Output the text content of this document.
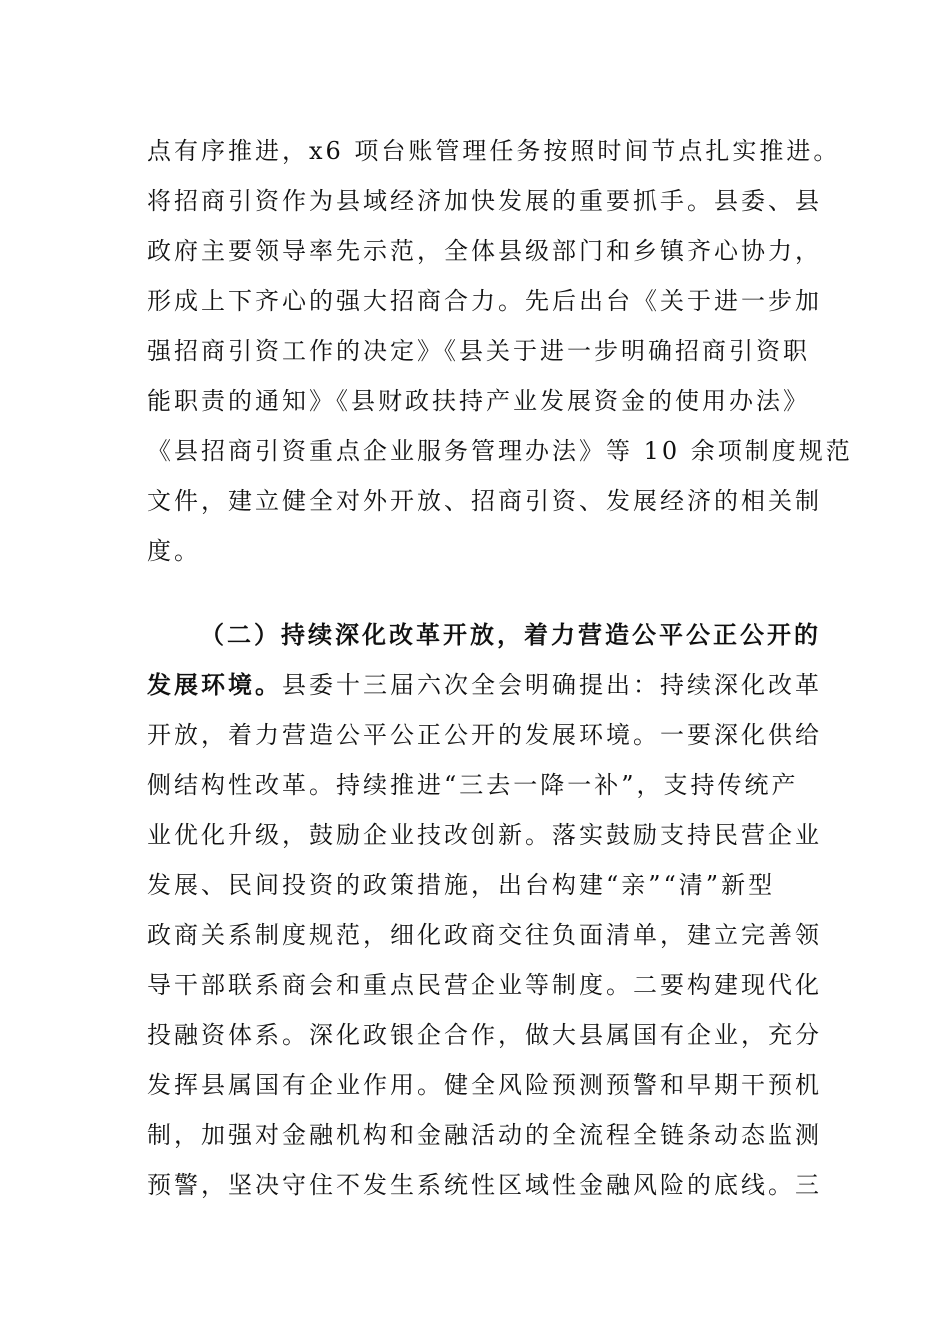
点有序推进，x6 项台账管理任务按照时间节点扎实推进。
将招商引资作为县域经济加快发展的重要抓手。县委、县
政府主要领导率先示范，全体县级部门和乡镇齐心协力，
形成上下齐心的强大招商合力。先后出台《关于进一步加
强招商引资工作的决定》《县关于进一步明确招商引资职
能职责的通知》《县财政扶持产业发展资金的使用办法》
《县招商引资重点企业服务管理办法》等 10 余项制度规范
文件，建立健全对外开放、招商引资、发展经济的相关制
度。
（二）持续深化改革开放，着力营造公平公正公开的
发展环境。县委十三届六次全会明确提出：持续深化改革
开放，着力营造公平公正公开的发展环境。一要深化供给
侧结构性改革。持续推进“三去一降一补”，支持传统产
业优化升级，鼓励企业技改创新。落实鼓励支持民营企业
发展、民间投资的政策措施，出台构建“亲”“清”新型
政商关系制度规范，细化政商交往负面清单，建立完善领
导干部联系商会和重点民营企业等制度。二要构建现代化
投融资体系。深化政银企合作，做大县属国有企业，充分
发挥县属国有企业作用。健全风险预测预警和早期干预机
制，加强对金融机构和金融活动的全流程全链条动态监测
预警，坚决守住不发生系统性区域性金融风险的底线。三
